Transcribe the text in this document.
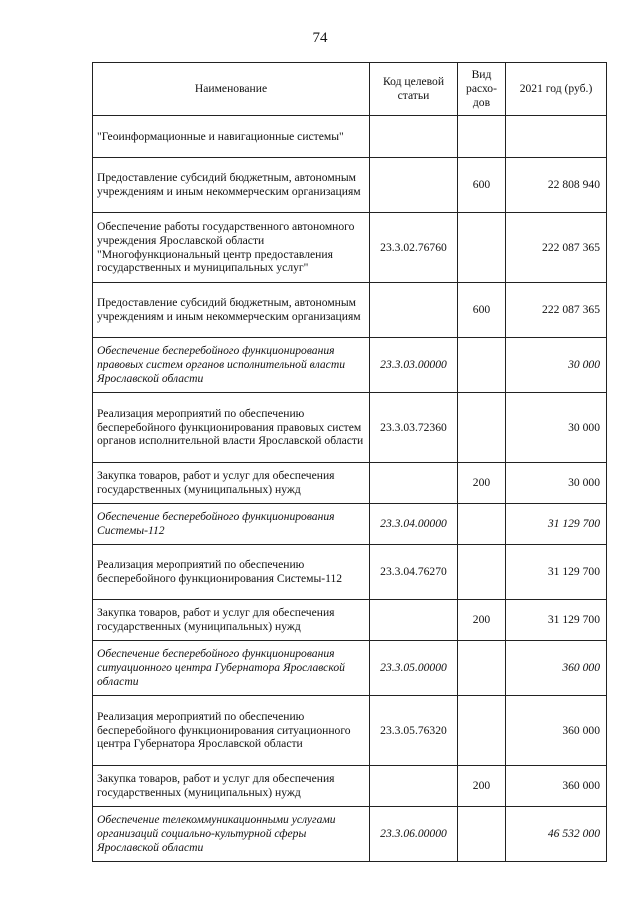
74
Наименование	Код целевой статьи	Вид расхо- дов	2021 год (руб.)
"Геоинформационные и навигационные системы"			
Предоставление субсидий бюджетным, автономным учреждениям и иным некоммерческим организациям		600	22 808 940
Обеспечение работы государственного автономного учреждения Ярославской области "Многофункциональный центр предоставления государственных и муниципальных услуг"	23.3.02.76760		222 087 365
Предоставление субсидий бюджетным, автономным учреждениям и иным некоммерческим организациям		600	222 087 365
Обеспечение бесперебойного функционирования правовых систем органов исполнительной власти Ярославской области	23.3.03.00000		30 000
Реализация мероприятий по обеспечению бесперебойного функционирования правовых систем органов исполнительной власти Ярославской области	23.3.03.72360		30 000
Закупка товаров, работ и услуг для обеспечения государственных (муниципальных) нужд		200	30 000
Обеспечение бесперебойного функционирования Системы-112	23.3.04.00000		31 129 700
Реализация мероприятий по обеспечению бесперебойного функционирования Системы-112	23.3.04.76270		31 129 700
Закупка товаров, работ и услуг для обеспечения государственных (муниципальных) нужд		200	31 129 700
Обеспечение бесперебойного функционирования ситуационного центра Губернатора Ярославской области	23.3.05.00000		360 000
Реализация мероприятий по обеспечению бесперебойного функционирования ситуационного центра Губернатора Ярославской области	23.3.05.76320		360 000
Закупка товаров, работ и услуг для обеспечения государственных (муниципальных) нужд		200	360 000
Обеспечение телекоммуникационными услугами организаций социально-культурной сферы Ярославской области	23.3.06.00000		46 532 000
